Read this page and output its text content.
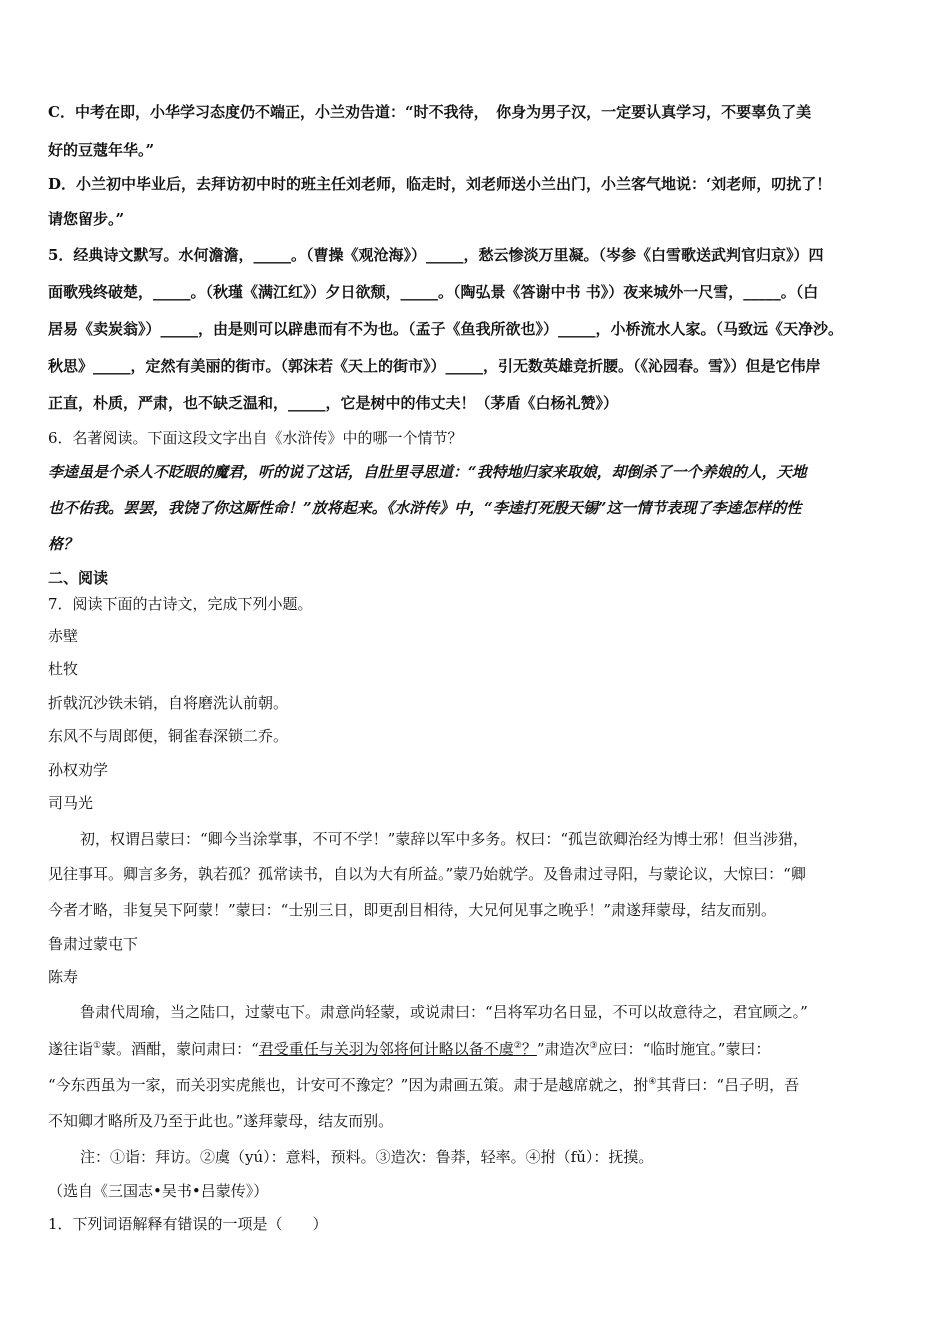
C．中考在即，小华学习态度仍不端正，小兰劝告道：“时不我待，　你身为男子汉，一定要认真学习，不要辜负了美
好的豆蔻年华。”
D．小兰初中毕业后，去拜访初中时的班主任刘老师，临走时，刘老师送小兰出门，小兰客气地说：‘刘老师，叨扰了！
请您留步。”
5．经典诗文默写。水何澹澹，_____。（曹操《观沧海》）_____，愁云惨淡万里凝。（岑参《白雪歌送武判官归京》）四
面歌残终破楚，_____。（秋瑾《满江红》）夕日欲颓，_____。（陶弘景《答谢中书 书》）夜来城外一尺雪，_____。（白
居易《卖炭翁》）_____，由是则可以辟患而有不为也。（孟子《鱼我所欲也》）_____，小桥流水人家。（马致远《天净沙。
秋思》_____，定然有美丽的街市。（郭沫若《天上的街市》）_____，引无数英雄竞折腰。（《沁园春。雪》）但是它伟岸
正直，朴质，严肃，也不缺乏温和，_____，它是树中的伟丈夫！（茅盾《白杨礼赞》）
6．名著阅读。下面这段文字出自《水浒传》中的哪一个情节？
李逵虽是个杀人不眨眼的魔君，听的说了这话，自肚里寻思道：“我特地归家来取娘，却倒杀了一个养娘的人，天地
也不佑我。罢罢，我饶了你这厮性命！”放将起来。《水浒传》中，“李逵打死殷天锡”这一情节表现了李逵怎样的性
格？
二、阅读
7．阅读下面的古诗文，完成下列小题。
赤壁
杜牧
折戟沉沙铁未销，自将磨洗认前朝。
东风不与周郎便，铜雀春深锁二乔。
孙权劝学
司马光
初，权谓吕蒙曰：“卿今当涂掌事，不可不学！”蒙辞以军中多务。权曰：“孤岂欲卿治经为博士邪！但当涉猎，
见往事耳。卿言多务，孰若孤？孤常读书，自以为大有所益。”蒙乃始就学。及鲁肃过寻阳，与蒙论议，大惊曰：“卿
今者才略，非复吴下阿蒙！”蒙曰：“士别三日，即更刮目相待，大兄何见事之晚乎！”肃遂拜蒙母，结友而别。
鲁肃过蒙屯下
陈寿
鲁肃代周瑜，当之陆口，过蒙屯下。肃意尚轻蒙，或说肃曰：“吕将军功名日显，不可以故意待之，君宜顾之。”
遂往诣①蒙。酒酣，蒙问肃曰：“君受重任与关羽为邻将何计略以备不虞②？”肃造次③应曰：“临时施宜。”蒙曰：
“今东西虽为一家，而关羽实虎熊也，计安可不豫定？”因为肃画五策。肃于是越席就之，拊④其背曰：“吕子明，吾
不知卿才略所及乃至于此也。”遂拜蒙母，结友而别。
注：①诣：拜访。②虞（yú）：意料，预料。③造次：鲁莽，轻率。④拊（fǔ）：抚摸。
（选自《三国志•吴书•吕蒙传》）
1．下列词语解释有错误的一项是（　　）
